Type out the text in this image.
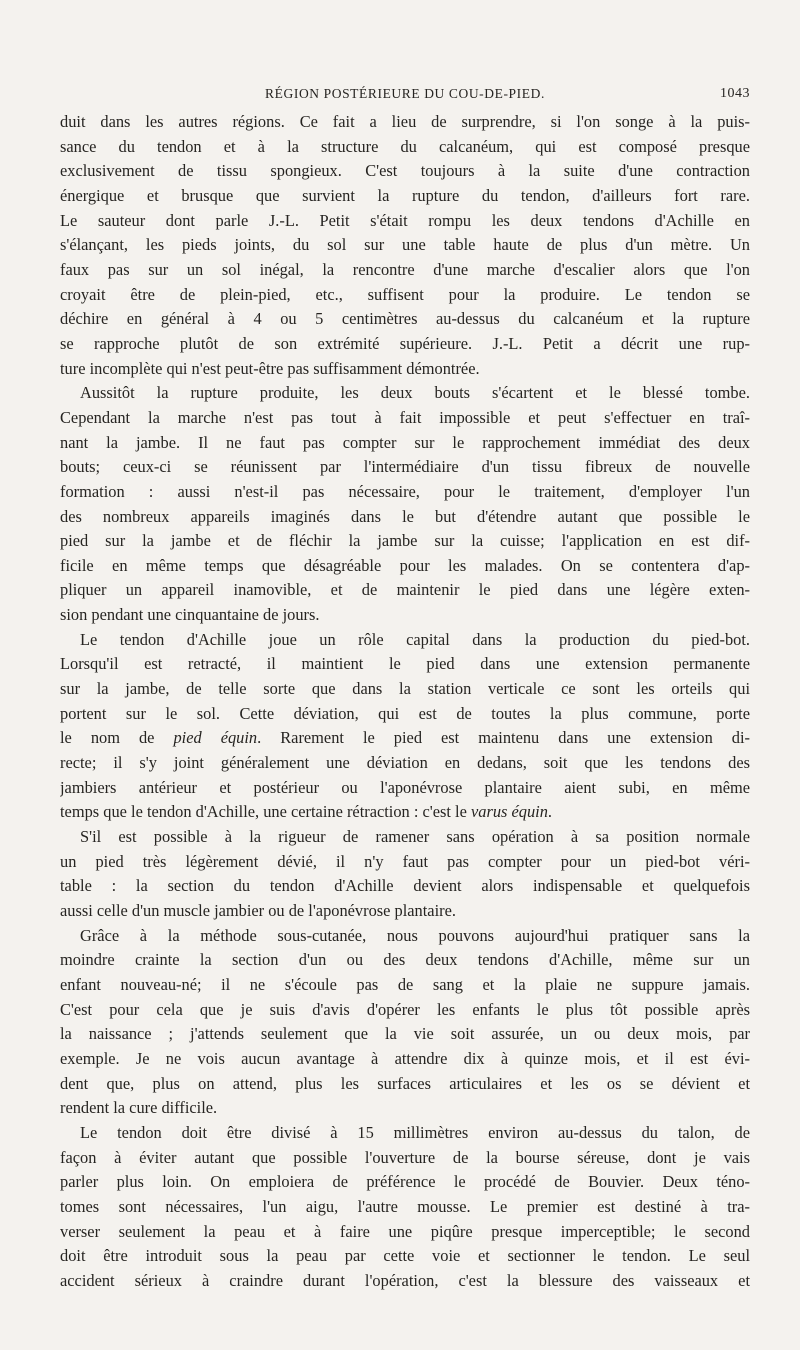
RÉGION POSTÉRIEURE DU COU-DE-PIED.	1043
duit dans les autres régions. Ce fait a lieu de surprendre, si l'on songe à la puis-
sance du tendon et à la structure du calcanéum, qui est composé presque
exclusivement de tissu spongieux. C'est toujours à la suite d'une contraction
énergique et brusque que survient la rupture du tendon, d'ailleurs fort rare.
Le sauteur dont parle J.-L. Petit s'était rompu les deux tendons d'Achille en
s'élançant, les pieds joints, du sol sur une table haute de plus d'un mètre. Un
faux pas sur un sol inégal, la rencontre d'une marche d'escalier alors que l'on
croyait être de plein-pied, etc., suffisent pour la produire. Le tendon se
déchire en général à 4 ou 5 centimètres au-dessus du calcanéum et la rupture
se rapproche plutôt de son extrémité supérieure. J.-L. Petit a décrit une rup-
ture incomplète qui n'est peut-être pas suffisamment démontrée.
Aussitôt la rupture produite, les deux bouts s'écartent et le blessé tombe.
Cependant la marche n'est pas tout à fait impossible et peut s'effectuer en traî-
nant la jambe. Il ne faut pas compter sur le rapprochement immédiat des deux
bouts; ceux-ci se réunissent par l'intermédiaire d'un tissu fibreux de nouvelle
formation : aussi n'est-il pas nécessaire, pour le traitement, d'employer l'un
des nombreux appareils imaginés dans le but d'étendre autant que possible le
pied sur la jambe et de fléchir la jambe sur la cuisse; l'application en est dif-
ficile en même temps que désagréable pour les malades. On se contentera d'ap-
pliquer un appareil inamovible, et de maintenir le pied dans une légère exten-
sion pendant une cinquantaine de jours.
Le tendon d'Achille joue un rôle capital dans la production du pied-bot.
Lorsqu'il est retracté, il maintient le pied dans une extension permanente
sur la jambe, de telle sorte que dans la station verticale ce sont les orteils qui
portent sur le sol. Cette déviation, qui est de toutes la plus commune, porte
le nom de pied équin. Rarement le pied est maintenu dans une extension di-
recte; il s'y joint généralement une déviation en dedans, soit que les tendons des
jambiers antérieur et postérieur ou l'aponévrose plantaire aient subi, en même
temps que le tendon d'Achille, une certaine rétraction : c'est le varus équin.
S'il est possible à la rigueur de ramener sans opération à sa position normale
un pied très légèrement dévié, il n'y faut pas compter pour un pied-bot véri-
table : la section du tendon d'Achille devient alors indispensable et quelquefois
aussi celle d'un muscle jambier ou de l'aponévrose plantaire.
Grâce à la méthode sous-cutanée, nous pouvons aujourd'hui pratiquer sans la
moindre crainte la section d'un ou des deux tendons d'Achille, même sur un
enfant nouveau-né; il ne s'écoule pas de sang et la plaie ne suppure jamais.
C'est pour cela que je suis d'avis d'opérer les enfants le plus tôt possible après
la naissance ; j'attends seulement que la vie soit assurée, un ou deux mois, par
exemple. Je ne vois aucun avantage à attendre dix à quinze mois, et il est évi-
dent que, plus on attend, plus les surfaces articulaires et les os se dévient et
rendent la cure difficile.
Le tendon doit être divisé à 15 millimètres environ au-dessus du talon, de
façon à éviter autant que possible l'ouverture de la bourse séreuse, dont je vais
parler plus loin. On emploiera de préférence le procédé de Bouvier. Deux téno-
tomes sont nécessaires, l'un aigu, l'autre mousse. Le premier est destiné à tra-
verser seulement la peau et à faire une piqûre presque imperceptible; le second
doit être introduit sous la peau par cette voie et sectionner le tendon. Le seul
accident sérieux à craindre durant l'opération, c'est la blessure des vaisseaux et
